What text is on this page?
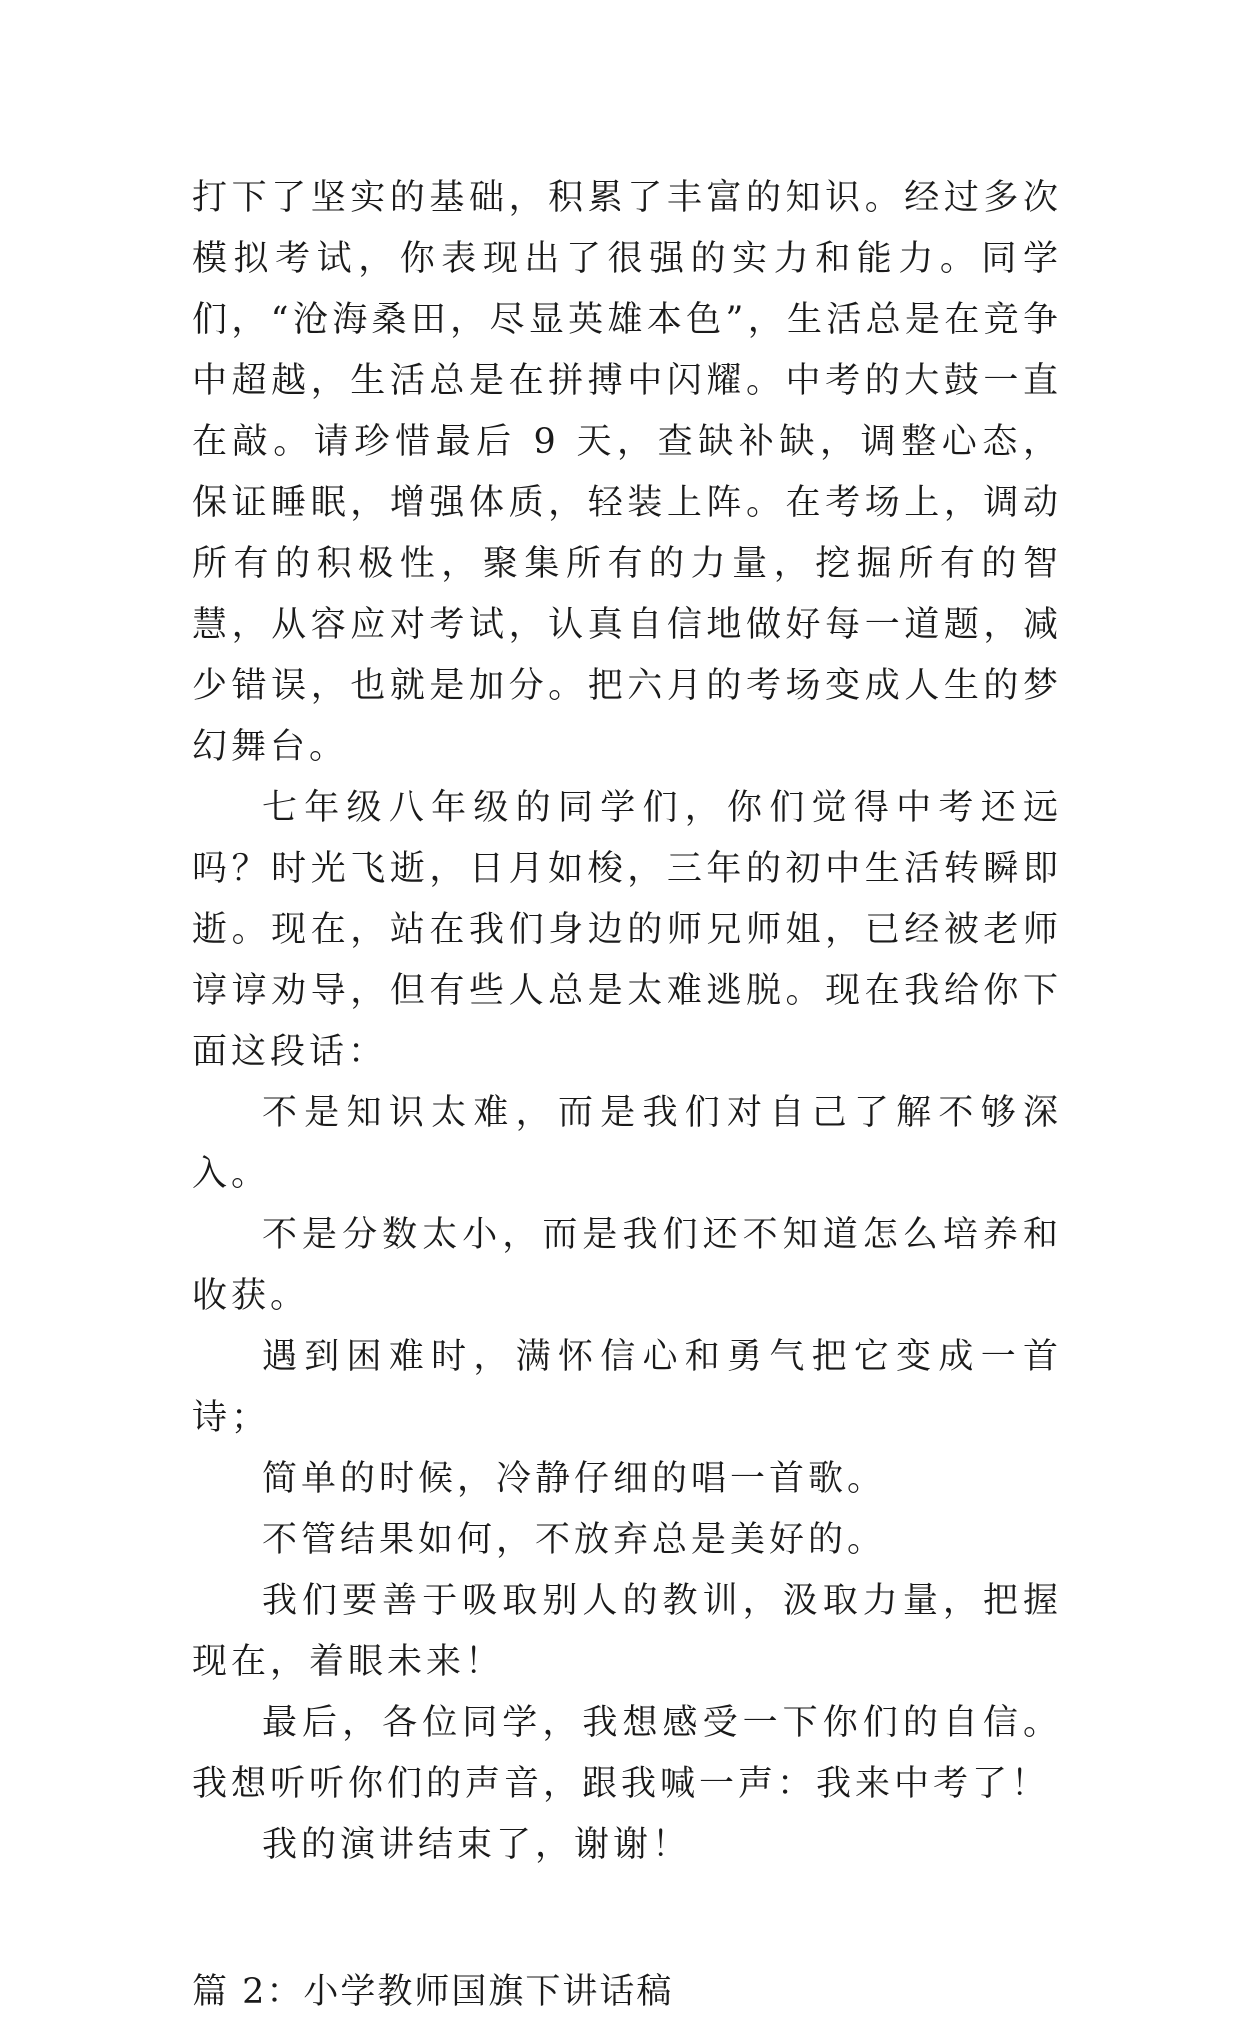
打下了坚实的基础，积累了丰富的知识。经过多次模拟考试，你表现出了很强的实力和能力。同学们，“沧海桑田，尽显英雄本色”，生活总是在竞争中超越，生活总是在拼搏中闪耀。中考的大鼓一直在敲。请珍惜最后 9 天，查缺补缺，调整心态，保证睡眠，增强体质，轻装上阵。在考场上，调动所有的积极性，聚集所有的力量，挖掘所有的智慧，从容应对考试，认真自信地做好每一道题，减少错误，也就是加分。把六月的考场变成人生的梦幻舞台。

七年级八年级的同学们，你们觉得中考还远吗？时光飞逝，日月如梭，三年的初中生活转瞬即逝。现在，站在我们身边的师兄师姐，已经被老师谆谆劝导，但有些人总是太难逃脱。现在我给你下面这段话：

不是知识太难，而是我们对自己了解不够深入。

不是分数太小，而是我们还不知道怎么培养和收获。

遇到困难时，满怀信心和勇气把它变成一首诗；

简单的时候，冷静仔细的唱一首歌。

不管结果如何，不放弃总是美好的。

我们要善于吸取别人的教训，汲取力量，把握现在，着眼未来！

最后，各位同学，我想感受一下你们的自信。我想听听你们的声音，跟我喊一声：我来中考了！

我的演讲结束了，谢谢！

篇 2：小学教师国旗下讲话稿
